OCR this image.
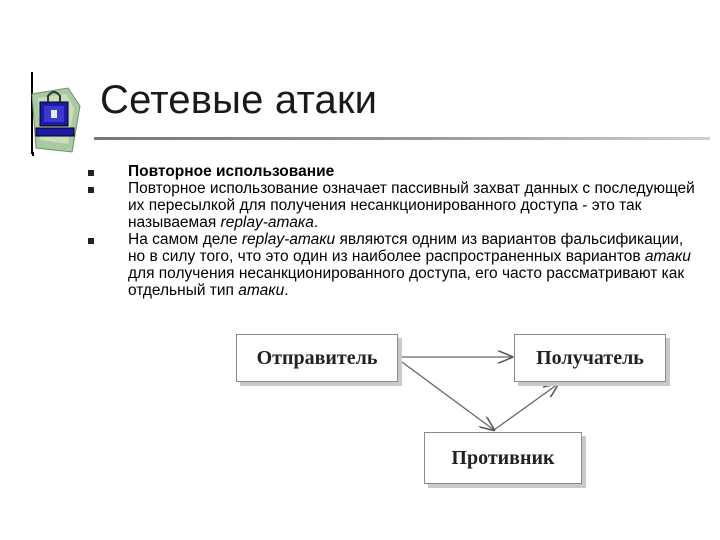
Сетевые атаки
Повторное использование
Повторное использование означает пассивный захват данных с последующей их пересылкой для получения несанкционированного доступа - это так называемая replay-атака.
На самом деле replay-атаки являются одним из вариантов фальсификации, но в силу того, что это один из наиболее распространенных вариантов атаки для получения несанкционированного доступа, его часто рассматривают как отдельный тип атаки.
Отправитель	Получатель
Противник
